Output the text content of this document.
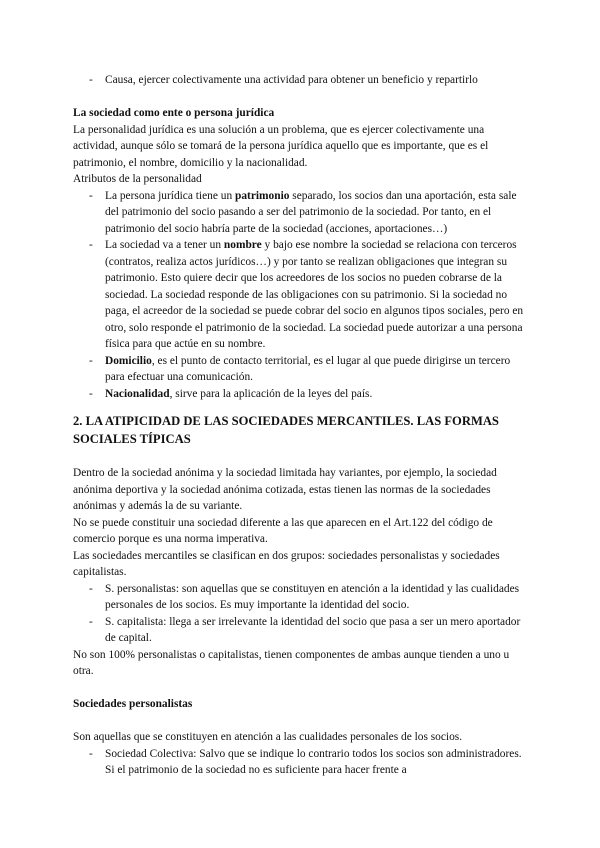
- Causa, ejercer colectivamente una actividad para obtener un beneficio y repartirlo

La sociedad como ente o persona jurídica

La personalidad jurídica es una solución a un problema, que es ejercer colectivamente una actividad, aunque sólo se tomará de la persona jurídica aquello que es importante, que es el patrimonio, el nombre, domicilio y la nacionalidad.

Atributos de la personalidad

- La persona jurídica tiene un patrimonio separado, los socios dan una aportación, esta sale del patrimonio del socio pasando a ser del patrimonio de la sociedad. Por tanto, en el patrimonio del socio habría parte de la sociedad (acciones, aportaciones…)
- La sociedad va a tener un nombre y bajo ese nombre la sociedad se relaciona con terceros (contratos, realiza actos jurídicos…) y por tanto se realizan obligaciones que integran su patrimonio. Esto quiere decir que los acreedores de los socios no pueden cobrarse de la sociedad. La sociedad responde de las obligaciones con su patrimonio. Si la sociedad no paga, el acreedor de la sociedad se puede cobrar del socio en algunos tipos sociales, pero en otro, solo responde el patrimonio de la sociedad. La sociedad puede autorizar a una persona física para que actúe en su nombre.
- Domicilio, es el punto de contacto territorial, es el lugar al que puede dirigirse un tercero para efectuar una comunicación.
- Nacionalidad, sirve para la aplicación de la leyes del país.

2. LA ATIPICIDAD DE LAS SOCIEDADES MERCANTILES. LAS FORMAS SOCIALES TÍPICAS

Dentro de la sociedad anónima y la sociedad limitada hay variantes, por ejemplo, la sociedad anónima deportiva y la sociedad anónima cotizada, estas tienen las normas de la sociedades anónimas y además la de su variante.

No se puede constituir una sociedad diferente a las que aparecen en el Art.122 del código de comercio porque es una norma imperativa.

Las sociedades mercantiles se clasifican en dos grupos: sociedades personalistas y sociedades capitalistas.

- S. personalistas: son aquellas que se constituyen en atención a la identidad y las cualidades personales de los socios. Es muy importante la identidad del socio.
- S. capitalista: llega a ser irrelevante la identidad del socio que pasa a ser un mero aportador de capital.

No son 100% personalistas o capitalistas, tienen componentes de ambas aunque tienden a uno u otra.

Sociedades personalistas

Son aquellas que se constituyen en atención a las cualidades personales de los socios.

- Sociedad Colectiva: Salvo que se indique lo contrario todos los socios son administradores. Si el patrimonio de la sociedad no es suficiente para hacer frente a
